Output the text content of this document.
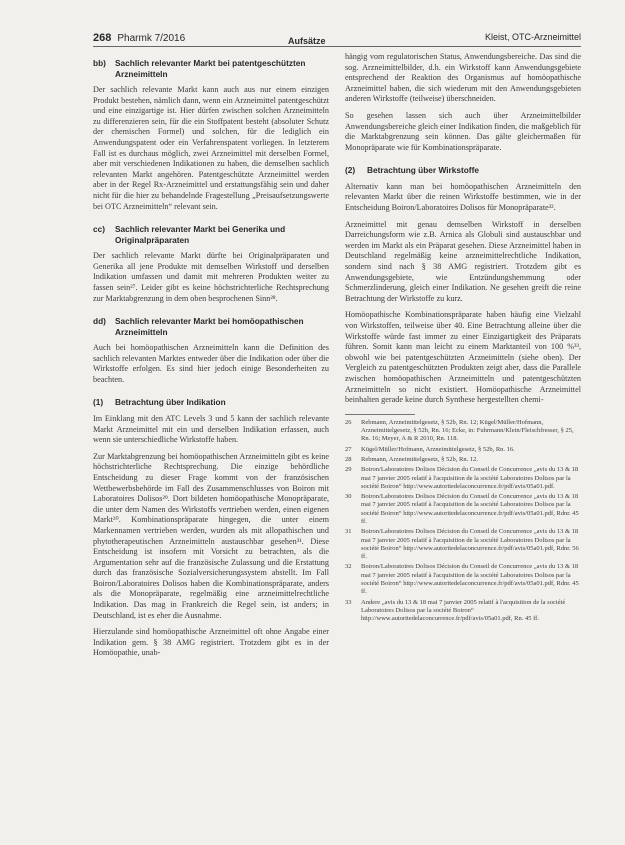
268 Pharmk 7/2016	Aufsätze	Kleist, OTC-Arzneimittel
bb)	Sachlich relevanter Markt bei patentgeschützten Arzneimitteln

Der sachlich relevante Markt kann auch aus nur einem einzigen Produkt bestehen, nämlich dann, wenn ein Arzneimittel patentgeschützt und eine einzigartige ist. Hier dürfen zwischen solchen Arzneimitteln zu differenzieren sein, für die ein Stoffpatent besteht (absoluter Schutz der chemischen Formel) und solchen, für die lediglich ein Anwendungspatent oder ein Verfahrenspatent vorliegen. In letzterem Fall ist es durchaus möglich, zwei Arzneimittel mit derselben Formel, aber mit verschiedenen Indikationen zu haben, die demselben sachlich relevanten Markt angehören. Patentgeschützte Arzneimittel werden aber in der Regel Rx-Arzneimittel und erstattungsfähig sein und daher nicht für die hier zu behandelnde Fragestellung „Preisaufsetzungswerte bei OTC Arzneimitteln“ relevant sein.

cc)	Sachlich relevanter Markt bei Generika und Originalpräparaten

Der sachlich relevante Markt dürfte bei Originalpräparaten und Generika all jene Produkte mit demselben Wirkstoff und derselben Indikation umfassen und damit mit mehreren Produkten weiter zu fassen sein²⁷. Leider gibt es keine höchstrichterliche Rechtsprechung zur Marktabgrenzung in dem oben besprochenen Sinn²⁸.

dd)	Sachlich relevanter Markt bei homöopathischen Arzneimitteln

Auch bei homöopathischen Arzneimitteln kann die Definition des sachlich relevanten Marktes entweder über die Indikation oder über die Wirkstoffe erfolgen. Es sind hier jedoch einige Besonderheiten zu beachten.

(1)	Betrachtung über Indikation

Im Einklang mit den ATC Levels 3 und 5 kann der sachlich relevante Markt Arzneimittel mit ein und derselben Indikation erfassen, auch wenn sie unterschiedliche Wirkstoffe haben.

Zur Marktabgrenzung bei homöopathischen Arzneimitteln gibt es keine höchstrichterliche Rechtsprechung. Die einzige behördliche Entscheidung zu dieser Frage kommt von der französischen Wettbewerbsbehörde im Fall des Zusammenschlusses von Boiron mit Laboratoires Dolisos²⁹. Dort bildeten homöopathische Monopräparate, die unter dem Namen des Wirkstoffs vertrieben werden, einen eigenen Markt³⁰. Kombinationspräparate hingegen, die unter einem Markennamen vertrieben werden, wurden als mit allopathischen und phytotherapeutischen Arzneimitteln austauschbar gesehen³¹. Diese Entscheidung ist insofern mit Vorsicht zu betrachten, als die Argumentation sehr auf die französische Zulassung und die Erstattung durch das französische Sozialversicherungssystem abstellt. Im Fall Boiron/Laboratoires Dolisos haben die Kombinationspräparate, anders als die Monopräparate, regelmäßig eine arzneimittelrechtliche Indikation. Das mag in Frankreich die Regel sein, ist anders; in Deutschland, ist es eher die Ausnahme.

Hierzulande sind homöopathische Arzneimittel oft ohne Angabe einer Indikation gem. § 38 AMG registriert. Trotzdem gibt es in der Homöopathie, unab-

hängig vom regulatorischen Status, Anwendungsbereiche. Das sind die sog. Arzneimittelbilder, d.h. ein Wirkstoff kann Anwendungsgebiete entsprechend der Reaktion des Organismus auf homöopathische Arzneimittel haben, die sich wiederum mit den Anwendungsgebieten anderen Wirkstoffe (teilweise) überschneiden.

So gesehen lassen sich auch über Arzneimittelbilder Anwendungsbereiche gleich einer Indikation finden, die maßgeblich für die Marktabgrenzung sein können. Das gälte gleichermaßen für Monopräparate wie für Kombinationspräparate.

(2)	Betrachtung über Wirkstoffe

Alternativ kann man bei homöopathischen Arzneimitteln den relevanten Markt über die reinen Wirkstoffe bestimmen, wie in der Entscheidung Boiron/Laboratoires Dolisos für Monopräparate³².

Arzneimittel mit genau demselben Wirkstoff in derselben Darreichungsform wie z.B. Arnica als Globuli sind austauschbar und werden im Markt als ein Präparat gesehen. Diese Arzneimittel haben in Deutschland regelmäßig keine arzneimittelrechtliche Indikation, sondern sind nach § 38 AMG registriert. Trotzdem gibt es Anwendungsgebiete, wie Entzündungshemmung oder Schmerzlinderung, gleich einer Indikation. Ne gesehen greift die reine Betrachtung der Wirkstoffe zu kurz.

Homöopathische Kombinationspräparate haben häufig eine Vielzahl von Wirkstoffen, teilweise über 40. Eine Betrachtung alleine über die Wirkstoffe würde fast immer zu einer Einzigartigkeit des Präparats führen. Somit kann man leicht zu einem Marktanteil von 100 %³³, obwohl wie bei patentgeschützten Arzneimitteln (siehe oben). Der Vergleich zu patentgeschützten Produkten zeigt aber, dass die Parallele zwischen homöopathischen Arzneimitteln und patentgeschützten Arzneimitteln so nicht existiert. Homöopathische Arzneimittel beinhalten gerade keine durch Synthese hergestellten chemi-

26	Rebmann, Arzneimittelgesetz, § 52b, Rn. 12; Kügel/Müller/Hofmann, Arzneimittelgesetz, § 52b, Rn. 16; Ecke, in: Fuhrmann/Klein/Fleischfresser, § 25, Rn. 16; Meyer, A & R 2010, Rn. 118.
27	Kügel/Müller/Hofmann, Arzneimittelgesetz, § 52b, Rn. 16.
28	Rebmann, Arzneimittelgesetz, § 52b, Rn. 12.
29	Boiron/Laboratoires Dolisos Décision du Conseil de Concurrence „avis du 13 & 18 mai 7 janvier 2005 relatif à l'acquisition de la société Laboratoires Dolisos par la société Boiron“ http://www.autoritedelaconcurrence.fr/pdf/avis/05a01.pdf.
30	Boiron/Laboratoires Dolisos Décision du Conseil de Concurrence „avis du 13 & 18 mai 7 janvier 2005 relatif à l'acquisition de la société Laboratoires Dolisos par la société Boiron“ http://www.autoritedelaconcurrence.fr/pdf/avis/05a01.pdf, Rdnr. 45 ff.
31	Boiron/Laboratoires Dolisos Décision du Conseil de Concurrence „avis du 13 & 18 mai 7 janvier 2005 relatif à l'acquisition de la société Laboratoires Dolisos par la société Boiron“ http://www.autoritedelaconcurrence.fr/pdf/avis/05a01.pdf, Rdnr. 56 ff.
32	Boiron/Laboratoires Dolisos Décision du Conseil de Concurrence „avis du 13 & 18 mai 7 janvier 2005 relatif à l'acquisition de la société Laboratoires Dolisos par la société Boiron“ http://www.autoritedelaconcurrence.fr/pdf/avis/05a01.pdf, Rdnr. 45 ff.
33	Andere „avis du 13 & 18 mai 7 janvier 2005 relatif à l'acquisition de la société Laboratoires Dolisos par la société Boiron“ http://www.autoritedelaconcurrence.fr/pdf/avis/05a01.pdf, Rn. 45 ff.
